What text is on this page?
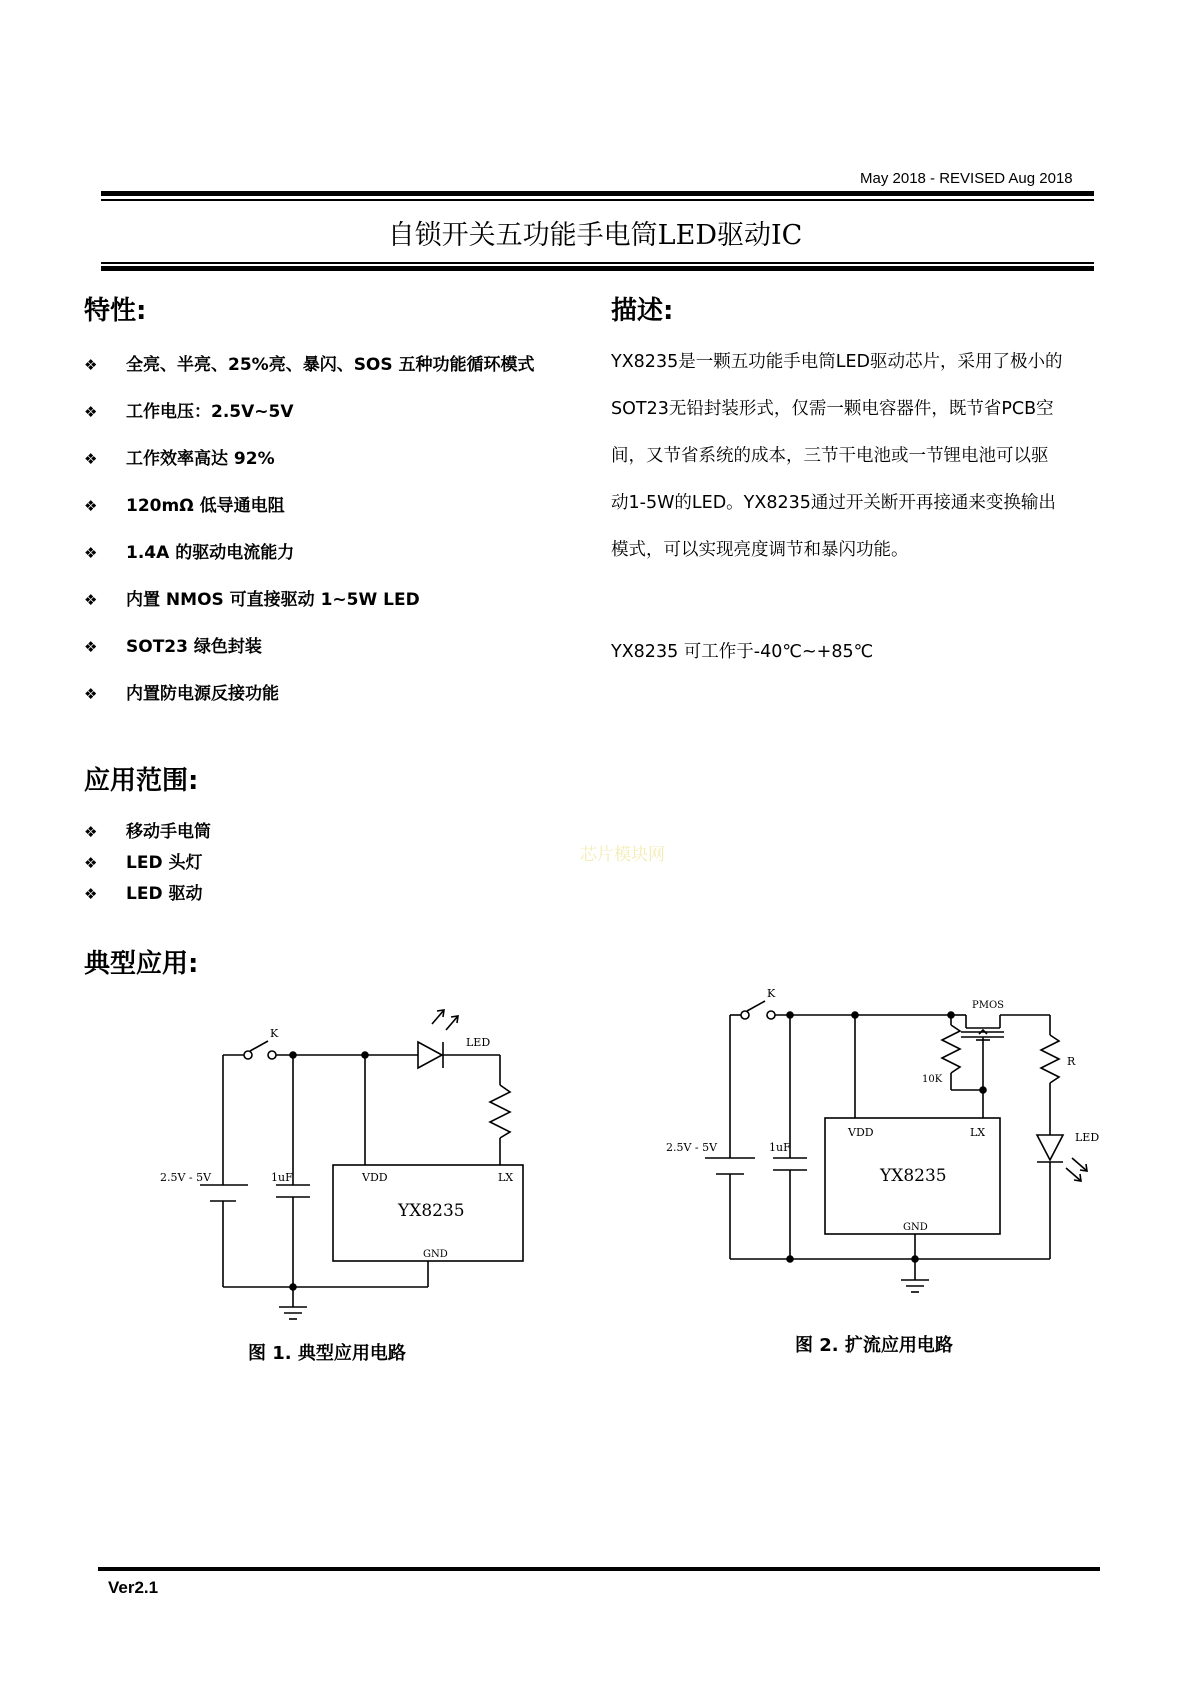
May 2018 - REVISED Aug 2018
自锁开关五功能手电筒LED驱动IC
特性:
❖ 全亮、半亮、25%亮、暴闪、SOS 五种功能循环模式
❖ 工作电压：2.5V~5V
❖ 工作效率高达 92%
❖ 120mΩ 低导通电阻
❖ 1.4A 的驱动电流能力
❖ 内置 NMOS 可直接驱动 1~5W LED
❖ SOT23 绿色封装
❖ 内置防电源反接功能
描述:
YX8235是一颗五功能手电筒LED驱动芯片，采用了极小的
SOT23无铅封装形式，仅需一颗电容器件，既节省PCB空
间，又节省系统的成本，三节干电池或一节锂电池可以驱
动1-5W的LED。YX8235通过开关断开再接通来变换输出
模式，可以实现亮度调节和暴闪功能。
YX8235 可工作于-40℃~+85℃
应用范围:
❖ 移动手电筒
❖ LED 头灯
❖ LED 驱动
芯片模块网
典型应用:
K
LED
2.5V - 5V	1uF	VDD	LX
YX8235
GND
图 1. 典型应用电路
K
PMOS
10K
R
LED
2.5V - 5V	1uF
VDD	LX
YX8235
GND
图 2. 扩流应用电路
Ver2.1
